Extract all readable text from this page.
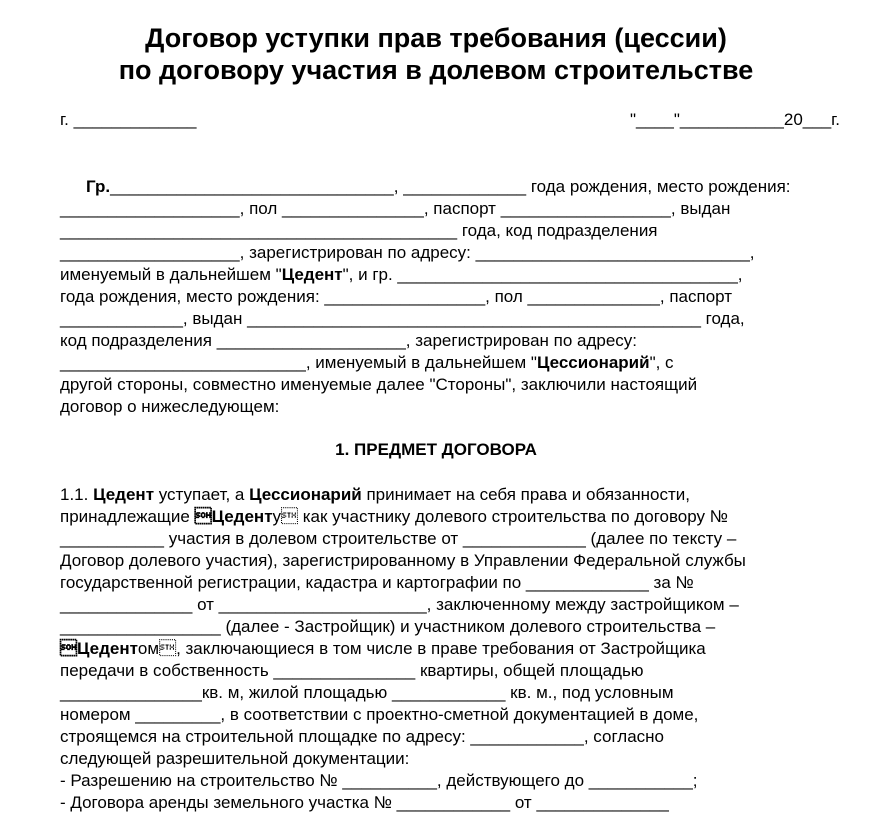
Договор уступки прав требования (цессии)
по договору участия в долевом строительстве
г. _____________	"____"___________20___г.
Гр.______________________________, _____________ года рождения, место рождения:
___________________, пол _______________, паспорт __________________, выдан
__________________________________________ года, код подразделения
___________________, зарегистрирован по адресу: _____________________________,
именуемый в дальнейшем "Цедент", и гр. ____________________________________,
года рождения, место рождения: _________________, пол ______________, паспорт
_____________, выдан ________________________________________________ года,
код подразделения ____________________, зарегистрирован по адресу:
__________________________, именуемый в дальнейшем "Цессионарий", с
другой стороны, совместно именуемые далее "Стороны", заключили настоящий
договор о нижеследующем:
1. ПРЕДМЕТ ДОГОВОРА
1.1. Цедент уступает, а Цессионарий принимает на себя права и обязанности,
принадлежащие Цеденту как участнику долевого строительства по договору №
___________ участия в долевом строительстве от _____________ (далее по тексту –
Договор долевого участия), зарегистрированному в Управлении Федеральной службы
государственной регистрации, кадастра и картографии по _____________ за №
______________ от ______________________, заключенному между застройщиком –
_________________ (далее - Застройщик) и участником долевого строительства –
Цедентом, заключающиеся в том числе в праве требования от Застройщика
передачи в собственность _______________ квартиры, общей площадью
_______________кв. м, жилой площадью ____________ кв. м., под условным
номером _________, в соответствии с проектно-сметной документацией в доме,
строящемся на строительной площадке по адресу: ____________, согласно
следующей разрешительной документации:
- Разрешению на строительство № __________, действующего до ___________;
- Договора аренды земельного участка № ____________ от ______________
